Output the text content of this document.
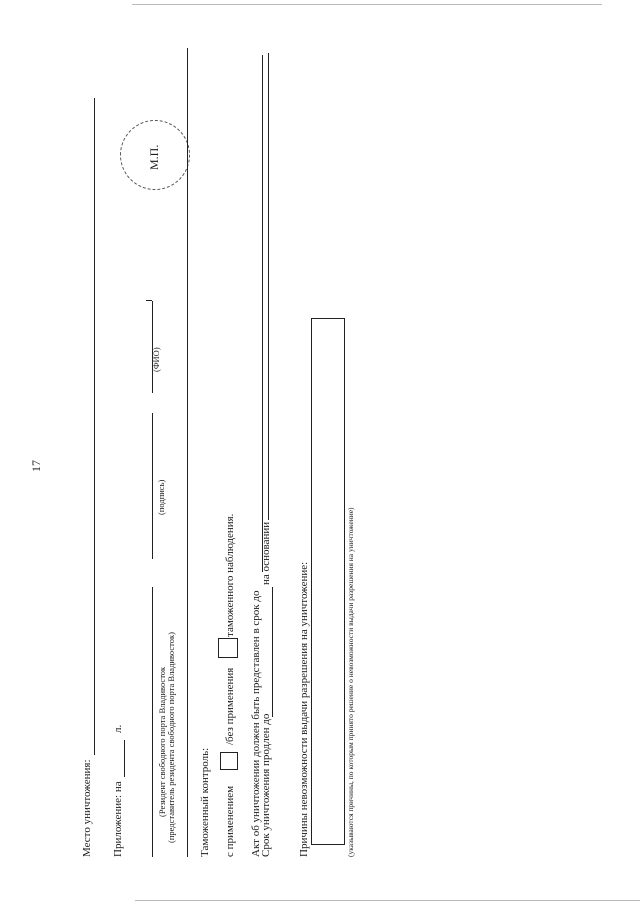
17
Место уничтожения: Приложение: на
л.
М.П.
(Резидент свободного порта Владивосток (представитель резидента свободного порта Владивосток)
(подпись)
(ФИО)
Таможенный контроль: с применением
/без применения
таможенного наблюдения.
Акт об уничтожении должен быть представлен в срок до
Срок уничтожения продлен до
на основании
Причины невозможности выдачи разрешения на уничтожение:	(указываются причины, по которым принято решение о невозможности выдачи разрешения на уничтожение)
